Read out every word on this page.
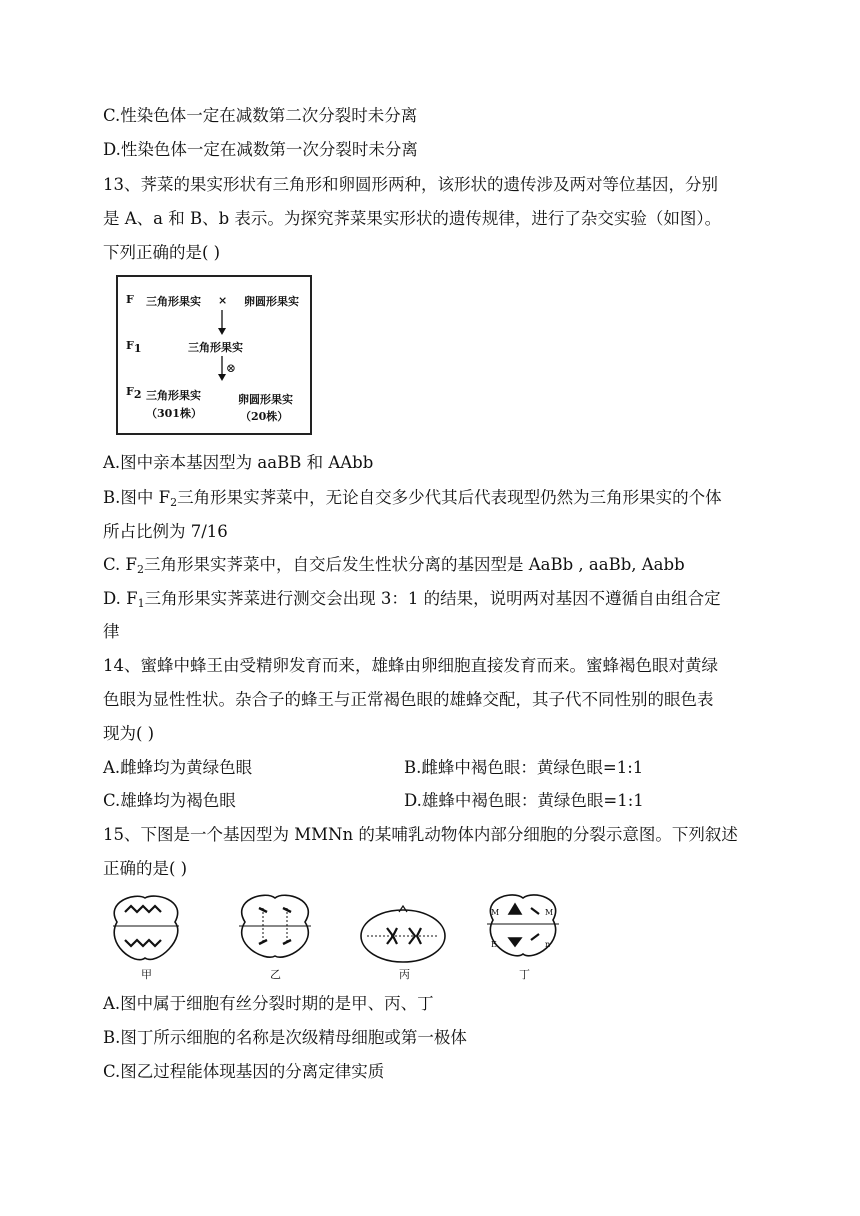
C.性染色体一定在减数第二次分裂时未分离
D.性染色体一定在减数第一次分裂时未分离
13、荠菜的果实形状有三角形和卵圆形两种，该形状的遗传涉及两对等位基因，分别
是 A、a 和 B、b 表示。为探究荠菜果实形状的遗传规律，进行了杂交实验（如图）。
下列正确的是( )
F 三角形果实 × 卵圆形果实
$F_1$	三角形果实
⊗
$F_2$ 三角形果实
（301株）
卵圆形果实
（20株）
A.图中亲本基因型为 aaBB 和 AAbb
B.图中 $F_2$三角形果实荠菜中，无论自交多少代其后代表现型仍然为三角形果实的个体
所占比例为 7/16
C. $F_2$三角形果实荠菜中，自交后发生性状分离的基因型是 AaBb , aaBb, Aabb
D. $F_1$三角形果实荠菜进行测交会出现 3：1 的结果，说明两对基因不遵循自由组合定
律
14、蜜蜂中蜂王由受精卵发育而来，雄蜂由卵细胞直接发育而来。蜜蜂褐色眼对黄绿
色眼为显性性状。杂合子的蜂王与正常褐色眼的雄蜂交配，其子代不同性别的眼色表
现为( )
A.雌蜂均为黄绿色眼	B.雌蜂中褐色眼：黄绿色眼=1:1
C.雄蜂均为褐色眼	D.雄蜂中褐色眼：黄绿色眼=1:1
15、下图是一个基因型为 MMNn 的某哺乳动物体内部分细胞的分裂示意图。下列叙述
正确的是( )
M	M
E	n
甲	乙	丙	丁
A.图中属于细胞有丝分裂时期的是甲、丙、丁
B.图丁所示细胞的名称是次级精母细胞或第一极体
C.图乙过程能体现基因的分离定律实质
